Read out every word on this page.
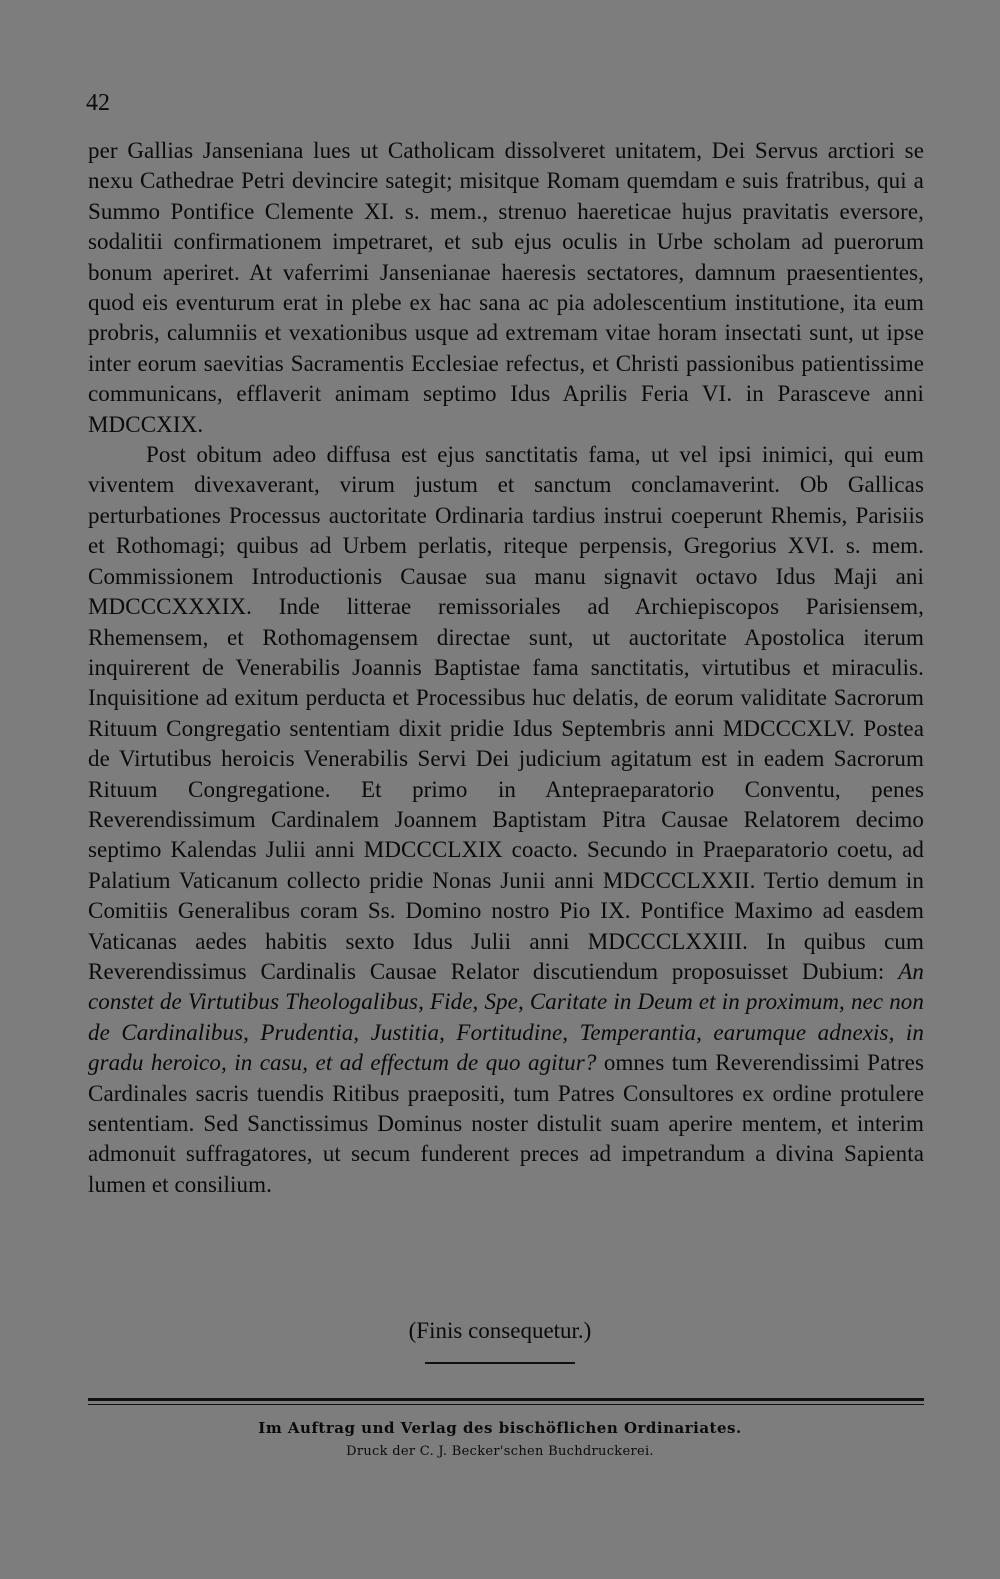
42

per Gallias Janseniana lues ut Catholicam dissolveret unitatem, Dei Servus arctiori se nexu Cathedrae Petri devincire sategit; misitque Romam quemdam e suis fratribus, qui a Summo Pontifice Clemente XI. s. mem., strenuo haereticae hujus pravitatis eversore, sodalitii confirmationem impetraret, et sub ejus oculis in Urbe scholam ad puerorum bonum aperiret. At vaferrimi Jansenianae haeresis sectatores, damnum praesentientes, quod eis eventurum erat in plebe ex hac sana ac pia adolescentium institutione, ita eum probris, calumniis et vexationibus usque ad extremam vitae horam insectati sunt, ut ipse inter eorum saevitias Sacramentis Ecclesiae refectus, et Christi passionibus patientissime communicans, efflaverit animam septimo Idus Aprilis Feria VI. in Parasceve anni MDCCXIX.

Post obitum adeo diffusa est ejus sanctitatis fama, ut vel ipsi inimici, qui eum viventem divexaverant, virum justum et sanctum conclamaverint. Ob Gallicas perturbationes Processus auctoritate Ordinaria tardius instrui coeperunt Rhemis, Parisiis et Rothomagi; quibus ad Urbem perlatis, riteque perpensis, Gregorius XVI. s. mem. Commissionem Introductionis Causae sua manu signavit octavo Idus Maji ani MDCCCXXXIX. Inde litterae remissoriales ad Archiepiscopos Parisiensem, Rhemensem, et Rothomagensem directae sunt, ut auctoritate Apostolica iterum inquirerent de Venerabilis Joannis Baptistae fama sanctitatis, virtutibus et miraculis. Inquisitione ad exitum perducta et Processibus huc delatis, de eorum validitate Sacrorum Rituum Congregatio sententiam dixit pridie Idus Septembris anni MDCCCXLV. Postea de Virtutibus heroicis Venerabilis Servi Dei judicium agitatum est in eadem Sacrorum Rituum Congregatione. Et primo in Antepraeparatorio Conventu, penes Reverendissimum Cardinalem Joannem Baptistam Pitra Causae Relatorem decimo septimo Kalendas Julii anni MDCCCLXIX coacto. Secundo in Praeparatorio coetu, ad Palatium Vaticanum collecto pridie Nonas Junii anni MDCCCLXXII. Tertio demum in Comitiis Generalibus coram Ss. Domino nostro Pio IX. Pontifice Maximo ad easdem Vaticanas aedes habitis sexto Idus Julii anni MDCCCLXXIII. In quibus cum Reverendissimus Cardinalis Causae Relator discutiendum proposuisset Dubium: An constet de Virtutibus Theologalibus, Fide, Spe, Caritate in Deum et in proximum, nec non de Cardinalibus, Prudentia, Justitia, Fortitudine, Temperantia, earumque adnexis, in gradu heroico, in casu, et ad effectum de quo agitur? omnes tum Reverendissimi Patres Cardinales sacris tuendis Ritibus praepositi, tum Patres Consultores ex ordine protulere sententiam. Sed Sanctissimus Dominus noster distulit suam aperire mentem, et interim admonuit suffragatores, ut secum funderent preces ad impetrandum a divina Sapienta lumen et consilium.

(Finis consequetur.)
Im Auftrag und Verlag des bischöflichen Ordinariates.
Druck der C. J. Becker'schen Buchdruckerei.
